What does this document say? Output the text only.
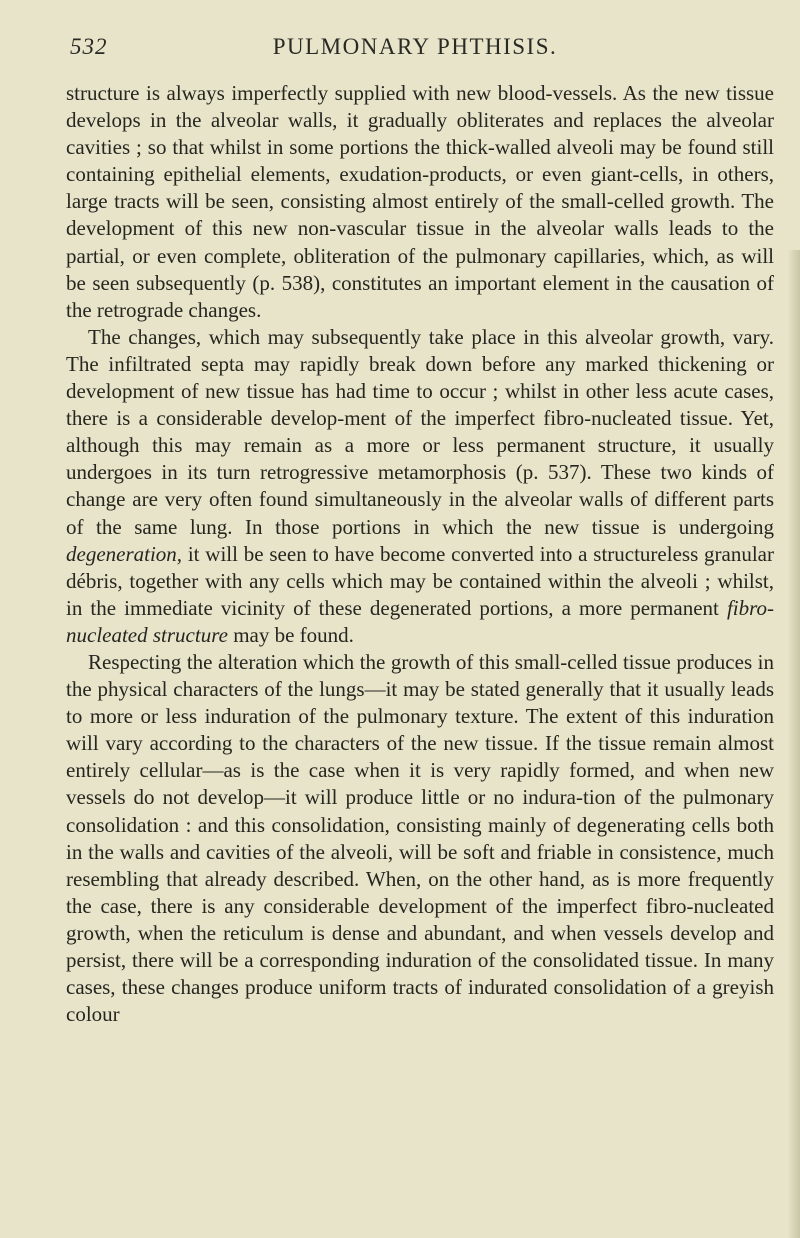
532	PULMONARY PHTHISIS.

structure is always imperfectly supplied with new blood-vessels. As the new tissue develops in the alveolar walls, it gradually obliterates and replaces the alveolar cavities ; so that whilst in some portions the thick-walled alveoli may be found still containing epithelial elements, exudation-products, or even giant-cells, in others, large tracts will be seen, consisting almost entirely of the small-celled growth. The development of this new non-vascular tissue in the alveolar walls leads to the partial, or even complete, obliteration of the pulmonary capillaries, which, as will be seen subsequently (p. 538), constitutes an important element in the causation of the retrograde changes.

The changes, which may subsequently take place in this alveolar growth, vary. The infiltrated septa may rapidly break down before any marked thickening or development of new tissue has had time to occur ; whilst in other less acute cases, there is a considerable develop-ment of the imperfect fibro-nucleated tissue. Yet, although this may remain as a more or less permanent structure, it usually undergoes in its turn retrogressive metamorphosis (p. 537). These two kinds of change are very often found simultaneously in the alveolar walls of different parts of the same lung. In those portions in which the new tissue is undergoing degeneration, it will be seen to have become converted into a structureless granular débris, together with any cells which may be contained within the alveoli ; whilst, in the immediate vicinity of these degenerated portions, a more permanent fibro-nucleated structure may be found.

Respecting the alteration which the growth of this small-celled tissue produces in the physical characters of the lungs—it may be stated generally that it usually leads to more or less induration of the pulmonary texture. The extent of this induration will vary according to the characters of the new tissue. If the tissue remain almost entirely cellular—as is the case when it is very rapidly formed, and when new vessels do not develop—it will produce little or no indura-tion of the pulmonary consolidation : and this consolidation, consisting mainly of degenerating cells both in the walls and cavities of the alveoli, will be soft and friable in consistence, much resembling that already described. When, on the other hand, as is more frequently the case, there is any considerable development of the imperfect fibro-nucleated growth, when the reticulum is dense and abundant, and when vessels develop and persist, there will be a corresponding induration of the consolidated tissue. In many cases, these changes produce uniform tracts of indurated consolidation of a greyish colour
